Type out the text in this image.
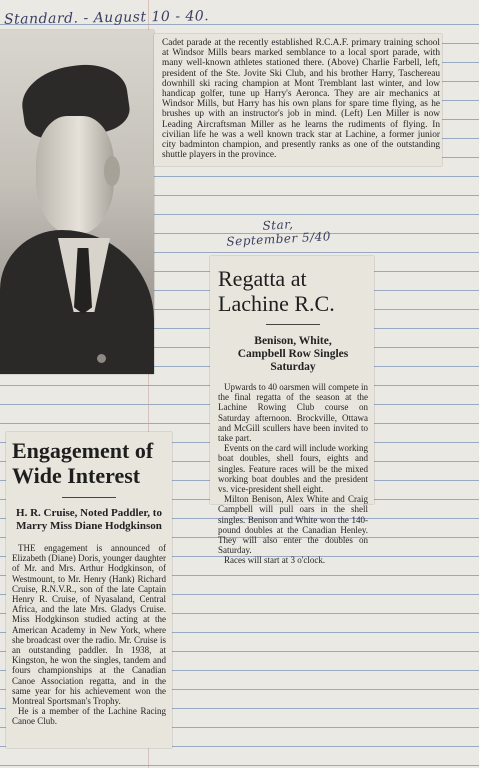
Standard. - August 10 - 40.
Cadet parade at the recently established R.C.A.F. primary training school at Windsor Mills bears marked semblance to a local sport parade, with many well-known athletes stationed there. (Above) Charlie Farbell, left, president of the Ste. Jovite Ski Club, and his brother Harry, Taschereau downhill ski racing champion at Mont Tremblant last winter, and low handicap golfer, tune up Harry's Aeronca. They are air mechanics at Windsor Mills, but Harry has his own plans for spare time flying, as he brushes up with an instructor's job in mind. (Left) Len Miller is now Leading Aircraftsman Miller as he learns the rudiments of flying. In civilian life he was a well known track star at Lachine, a former junior city badminton champion, and presently ranks as one of the outstanding shuttle players in the province.
Star,
September 5/40
Regatta at Lachine R.C.
Benison, White, Campbell Row Singles Saturday

Upwards to 40 oarsmen will compete in the final regatta of the season at the Lachine Rowing Club course on Saturday afternoon. Brockville, Ottawa and McGill scullers have been invited to take part.

Events on the card will include working boat doubles, shell fours, eights and singles. Feature races will be the mixed working boat doubles and the president vs. vice-president shell eight.

Milton Benison, Alex White and Craig Campbell will pull oars in the shell singles. Benison and White won the 140-pound doubles at the Canadian Henley. They will also enter the doubles on Saturday.

Races will start at 3 o'clock.

Engagement of Wide Interest
H. R. Cruise, Noted Paddler, to Marry Miss Diane Hodgkinson

THE engagement is announced of Elizabeth (Diane) Doris, younger daughter of Mr. and Mrs. Arthur Hodgkinson, of Westmount, to Mr. Henry (Hank) Richard Cruise, R.N.V.R., son of the late Captain Henry R. Cruise, of Nyasaland, Central Africa, and the late Mrs. Gladys Cruise. Miss Hodgkinson studied acting at the American Academy in New York, where she broadcast over the radio. Mr. Cruise is an outstanding paddler. In 1938, at Kingston, he won the singles, tandem and fours championships at the Canadian Canoe Association regatta, and in the same year for his achievement won the Montreal Sportsman's Trophy.

He is a member of the Lachine Racing Canoe Club.
